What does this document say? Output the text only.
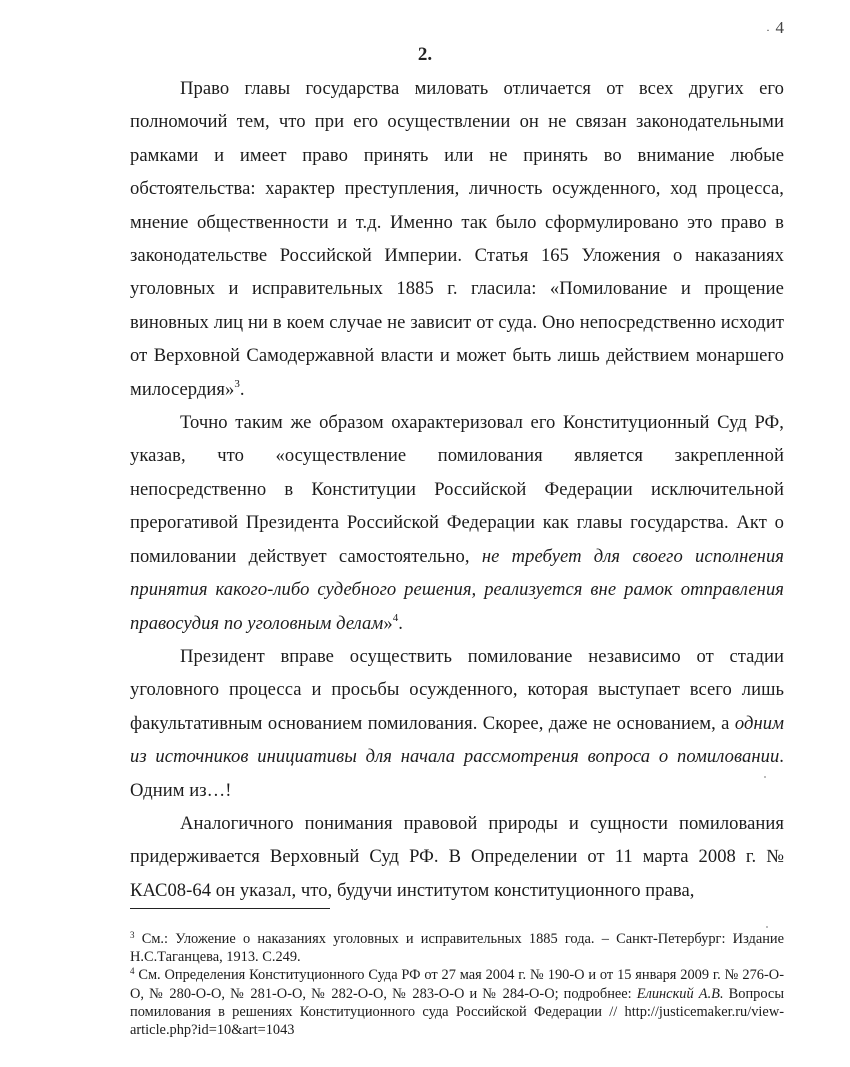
. 4
2.

Право главы государства миловать отличается от всех других его полномочий тем, что при его осуществлении он не связан законодательными рамками и имеет право принять или не принять во внимание любые обстоятельства: характер преступления, личность осужденного, ход процесса, мнение общественности и т.д. Именно так было сформулировано это право в законодательстве Российской Империи. Статья 165 Уложения о наказаниях уголовных и исправительных 1885 г. гласила: «Помилование и прощение виновных лиц ни в коем случае не зависит от суда. Оно непосредственно исходит от Верховной Самодержавной власти и может быть лишь действием монаршего милосердия»$^3$.

Точно таким же образом охарактеризовал его Конституционный Суд РФ, указав, что «осуществление помилования является закрепленной непосредственно в Конституции Российской Федерации исключительной прерогативой Президента Российской Федерации как главы государства. Акт о помиловании действует самостоятельно, не требует для своего исполнения принятия какого-либо судебного решения, реализуется вне рамок отправления правосудия по уголовным делам»$^4$.

Президент вправе осуществить помилование независимо от стадии уголовного процесса и просьбы осужденного, которая выступает всего лишь факультативным основанием помилования. Скорее, даже не основанием, а одним из источников инициативы для начала рассмотрения вопроса о помиловании. Одним из…!

Аналогичного понимания правовой природы и сущности помилования придерживается Верховный Суд РФ. В Определении от 11 марта 2008 г. № КАС08-64 он указал, что, будучи институтом конституционного права,

$^3$ См.: Уложение о наказаниях уголовных и исправительных 1885 года. – Санкт-Петербург: Издание Н.С.Таганцева, 1913. С.249.

$^4$ См. Определения Конституционного Суда РФ от 27 мая 2004 г. № 190-О и от 15 января 2009 г. № 276-О-О, № 280-О-О, № 281-О-О, № 282-О-О, № 283-О-О и № 284-О-О; подробнее: Елинский А.В. Вопросы помилования в решениях Конституционного суда Российской Федерации // http://justicemaker.ru/view-article.php?id=10&art=1043
